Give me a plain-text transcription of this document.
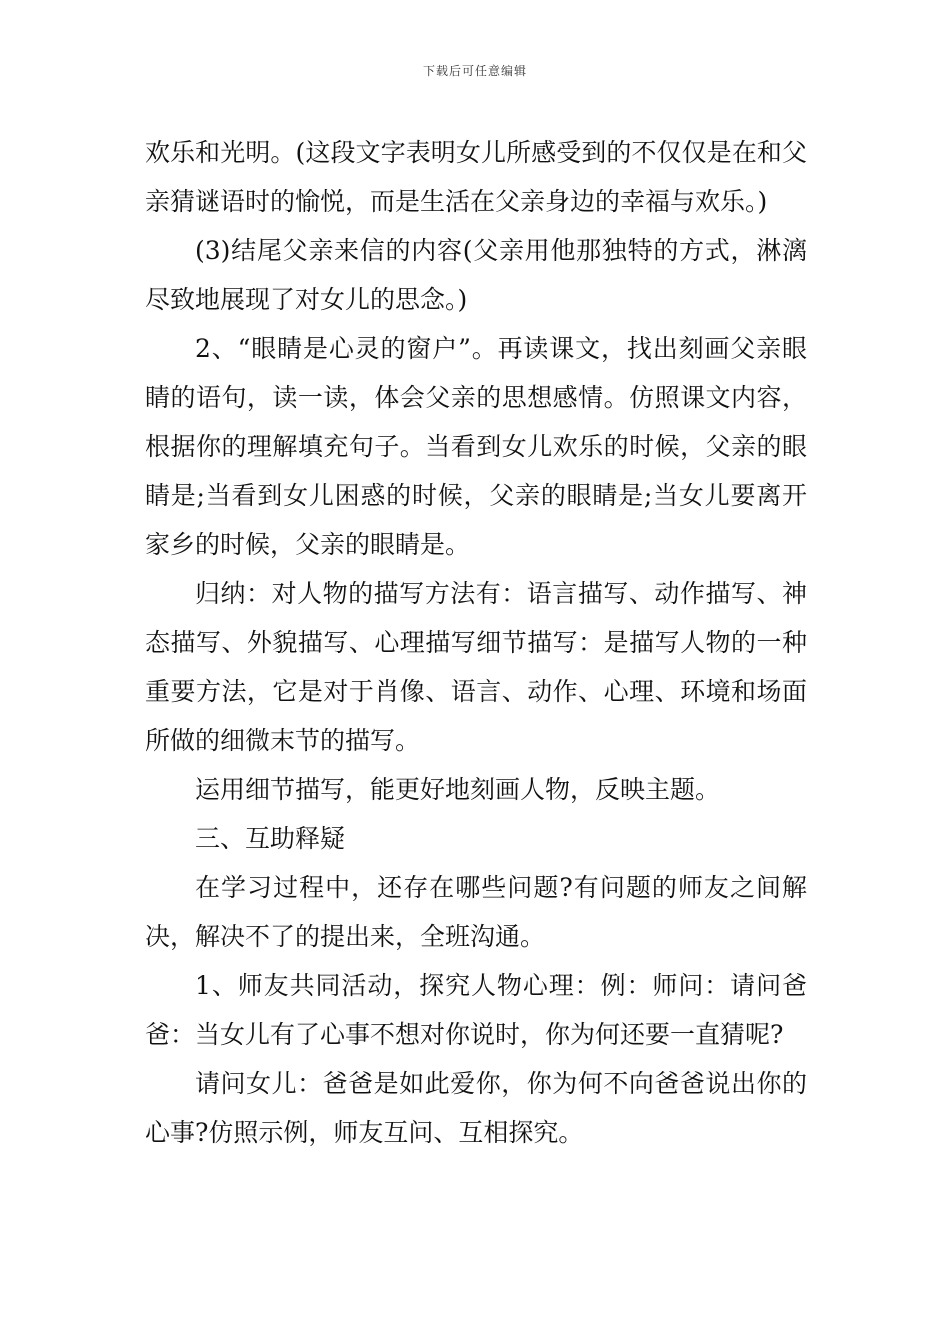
下载后可任意编辑

欢乐和光明。(这段文字表明女儿所感受到的不仅仅是在和父亲猜谜语时的愉悦，而是生活在父亲身边的幸福与欢乐。)

(3)结尾父亲来信的内容(父亲用他那独特的方式，淋漓尽致地展现了对女儿的思念。)

2、“眼睛是心灵的窗户”。再读课文，找出刻画父亲眼睛的语句，读一读，体会父亲的思想感情。仿照课文内容，根据你的理解填充句子。当看到女儿欢乐的时候，父亲的眼睛是;当看到女儿困惑的时候，父亲的眼睛是;当女儿要离开家乡的时候，父亲的眼睛是。

归纳：对人物的描写方法有：语言描写、动作描写、神态描写、外貌描写、心理描写细节描写：是描写人物的一种重要方法，它是对于肖像、语言、动作、心理、环境和场面所做的细微末节的描写。

运用细节描写，能更好地刻画人物，反映主题。

三、互助释疑

在学习过程中，还存在哪些问题?有问题的师友之间解决，解决不了的提出来，全班沟通。

1、师友共同活动，探究人物心理：例：师问：请问爸爸：当女儿有了心事不想对你说时，你为何还要一直猜呢?

请问女儿：爸爸是如此爱你，你为何不向爸爸说出你的心事?仿照示例，师友互问、互相探究。
